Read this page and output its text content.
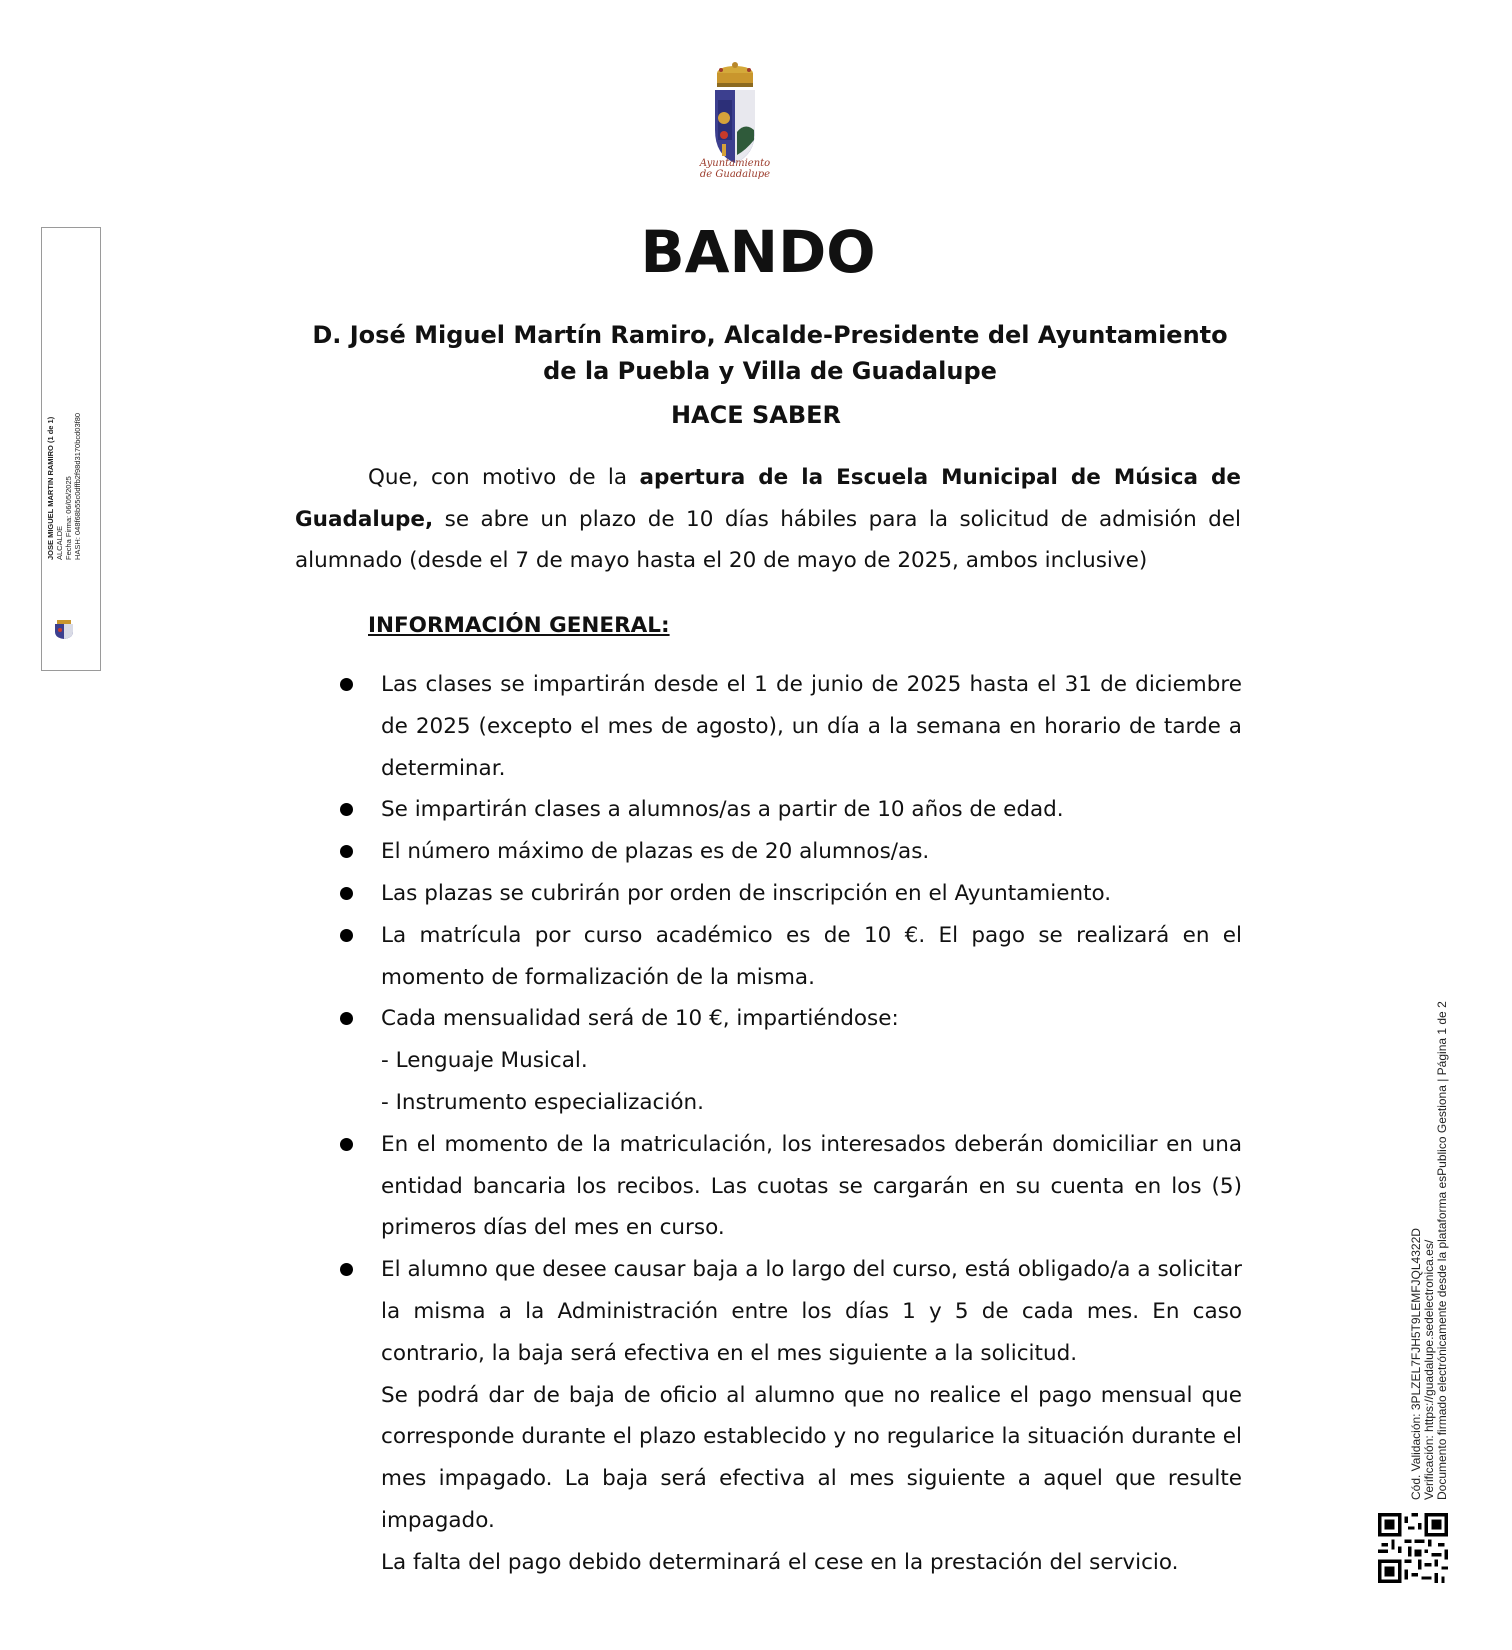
Ayuntamiento
de Guadalupe
JOSE MIGUEL MARTIN RAMIRO (1 de 1) ALCALDE Fecha Firma: 06/05/2025 HASH: 048f68b55c0dffb2f98d3170bcd03f80
BANDO
D. José Miguel Martín Ramiro, Alcalde-Presidente del Ayuntamiento
de la Puebla y Villa de Guadalupe
HACE SABER
Que, con motivo de la apertura de la Escuela Municipal de Música de Guadalupe, se abre un plazo de 10 días hábiles para la solicitud de admisión del alumnado (desde el 7 de mayo hasta el 20 de mayo de 2025, ambos inclusive)
INFORMACIÓN GENERAL:
Las clases se impartirán desde el 1 de junio de 2025 hasta el 31 de diciembre de 2025 (excepto el mes de agosto), un día a la semana en horario de tarde a determinar.
Se impartirán clases a alumnos/as a partir de 10 años de edad.
El número máximo de plazas es de 20 alumnos/as.
Las plazas se cubrirán por orden de inscripción en el Ayuntamiento.
La matrícula por curso académico es de 10 €. El pago se realizará en el momento de formalización de la misma.
Cada mensualidad será de 10 €, impartiéndose:
- Lenguaje Musical.
- Instrumento especialización.
En el momento de la matriculación, los interesados deberán domiciliar en una entidad bancaria los recibos. Las cuotas se cargarán en su cuenta en los (5) primeros días del mes en curso.
El alumno que desee causar baja a lo largo del curso, está obligado/a a solicitar la misma a la Administración entre los días 1 y 5 de cada mes. En caso contrario, la baja será efectiva en el mes siguiente a la solicitud.
Se podrá dar de baja de oficio al alumno que no realice el pago mensual que corresponde durante el plazo establecido y no regularice la situación durante el mes impagado. La baja será efectiva al mes siguiente a aquel que resulte impagado.
La falta del pago debido determinará el cese en la prestación del servicio.
Cód. Validación: 3PLZEL7FJH5T9LEMFJQL4322D Verificación: https://guadalupe.sedelectronica.es/ Documento firmado electrónicamente desde la plataforma esPublico Gestiona | Página 1 de 2
